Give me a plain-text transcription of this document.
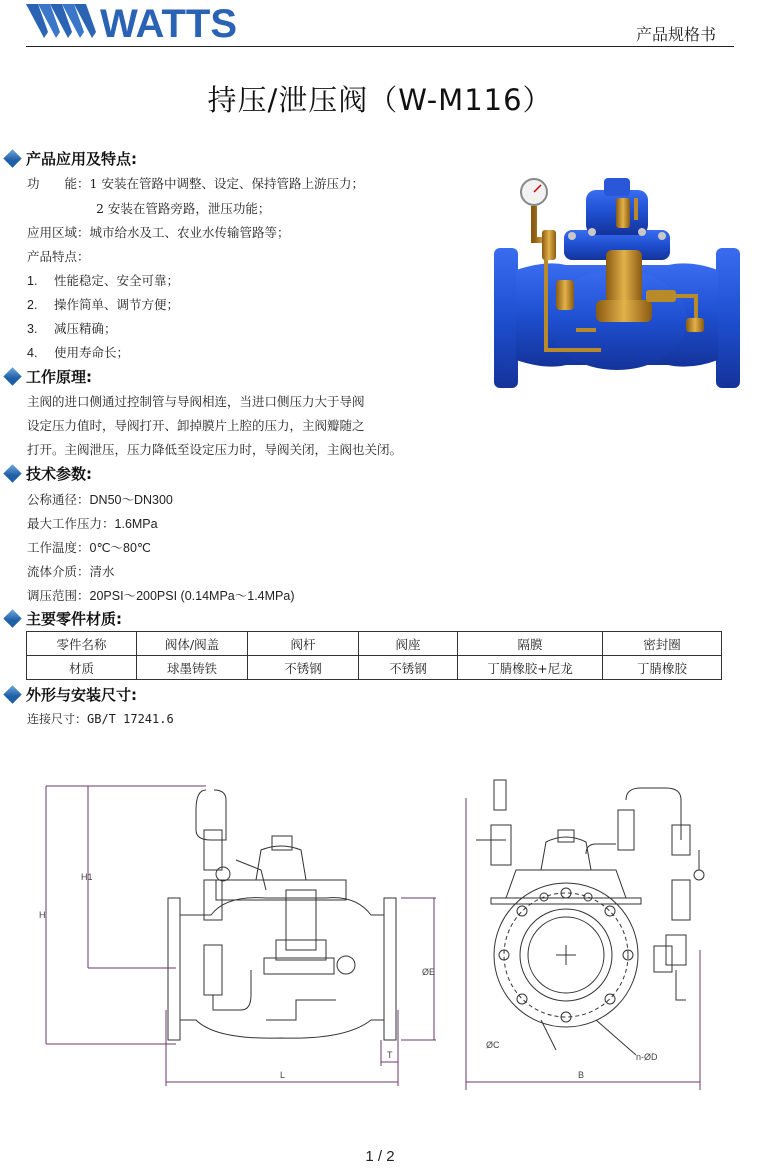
WATTS	产品规格书
持压/泄压阀（W-M116）
产品应用及特点:
功　　能：1 安装在管路中调整、设定、保持管路上游压力；
2 安装在管路旁路，泄压功能；
应用区域：城市给水及工、农业水传输管路等；
产品特点：
1. 性能稳定、安全可靠；
2. 操作简单、调节方便；
3. 减压精确；
4. 使用寿命长；
工作原理:
主阀的进口侧通过控制管与导阀相连，当进口侧压力大于导阀
设定压力值时，导阀打开、卸掉膜片上腔的压力，主阀瓣随之
打开。主阀泄压，压力降低至设定压力时，导阀关闭，主阀也关闭。
技术参数:
公称通径：DN50～DN300
最大工作压力：1.6MPa
工作温度：0℃～80℃
流体介质：清水
调压范围：20PSI～200PSI (0.14MPa～1.4MPa)
主要零件材质:
零件名称	阀体/阀盖	阀杆	阀座	隔膜	密封圈
材质	球墨铸铁	不锈钢	不锈钢	丁腈橡胶+尼龙	丁腈橡胶
外形与安装尺寸:
连接尺寸：GB/T 17241.6
H
H1
ØE
L
T
ØC
n-ØD
B
1 / 2
